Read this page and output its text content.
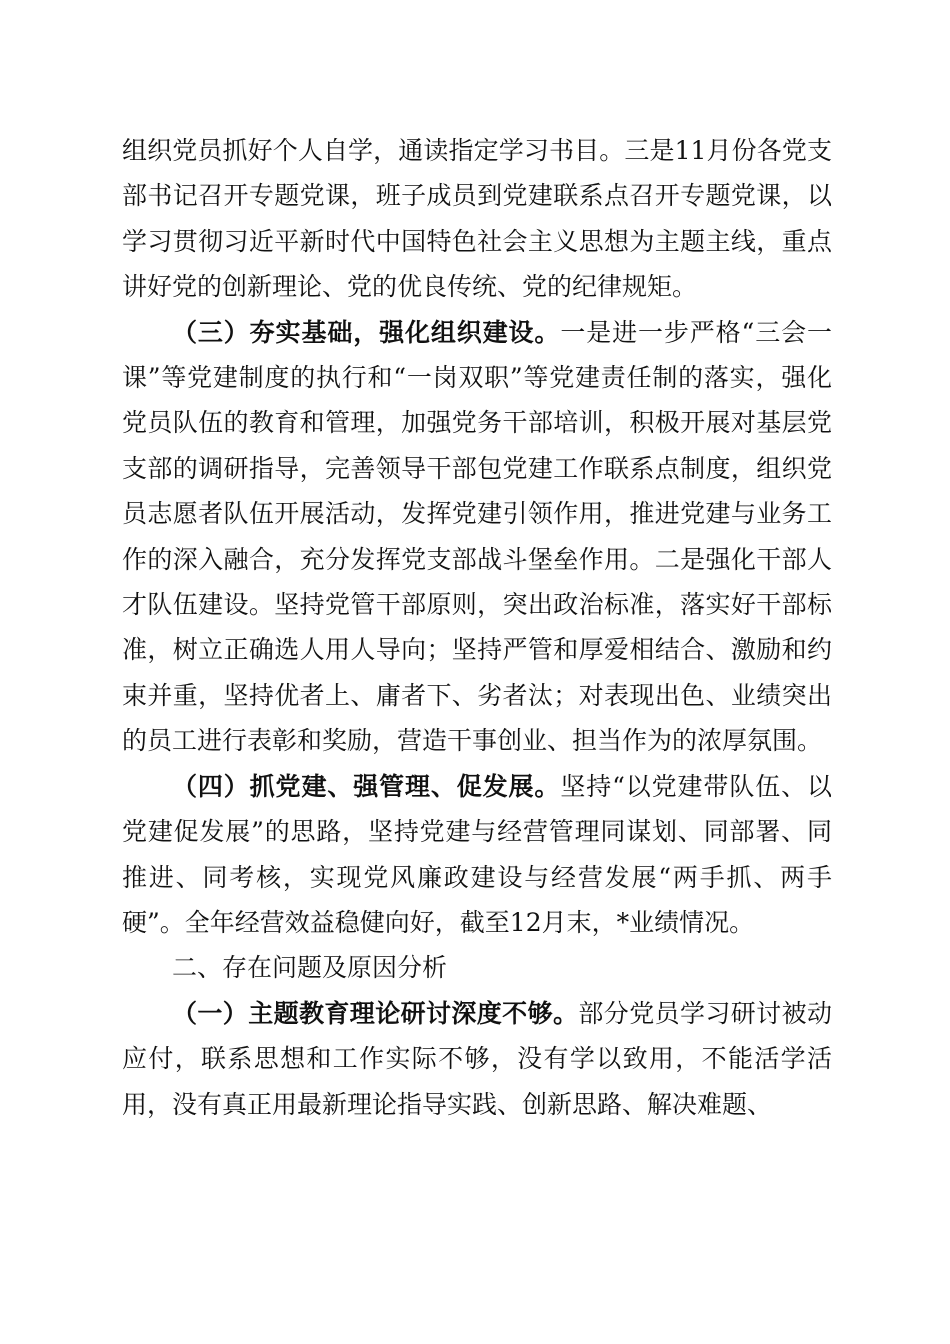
组织党员抓好个人自学，通读指定学习书目。三是11月份各党支部书记召开专题党课，班子成员到党建联系点召开专题党课，以学习贯彻习近平新时代中国特色社会主义思想为主题主线，重点讲好党的创新理论、党的优良传统、党的纪律规矩。

（三）夯实基础，强化组织建设。一是进一步严格“三会一课”等党建制度的执行和“一岗双职”等党建责任制的落实，强化党员队伍的教育和管理，加强党务干部培训，积极开展对基层党支部的调研指导，完善领导干部包党建工作联系点制度，组织党员志愿者队伍开展活动，发挥党建引领作用，推进党建与业务工作的深入融合，充分发挥党支部战斗堡垒作用。二是强化干部人才队伍建设。坚持党管干部原则，突出政治标准，落实好干部标准，树立正确选人用人导向；坚持严管和厚爱相结合、激励和约束并重，坚持优者上、庸者下、劣者汰；对表现出色、业绩突出的员工进行表彰和奖励，营造干事创业、担当作为的浓厚氛围。

（四）抓党建、强管理、促发展。坚持“以党建带队伍、以党建促发展”的思路，坚持党建与经营管理同谋划、同部署、同推进、同考核，实现党风廉政建设与经营发展“两手抓、两手硬”。全年经营效益稳健向好，截至12月末，*业绩情况。

二、存在问题及原因分析

（一）主题教育理论研讨深度不够。部分党员学习研讨被动应付，联系思想和工作实际不够，没有学以致用，不能活学活用，没有真正用最新理论指导实践、创新思路、解决难题、
